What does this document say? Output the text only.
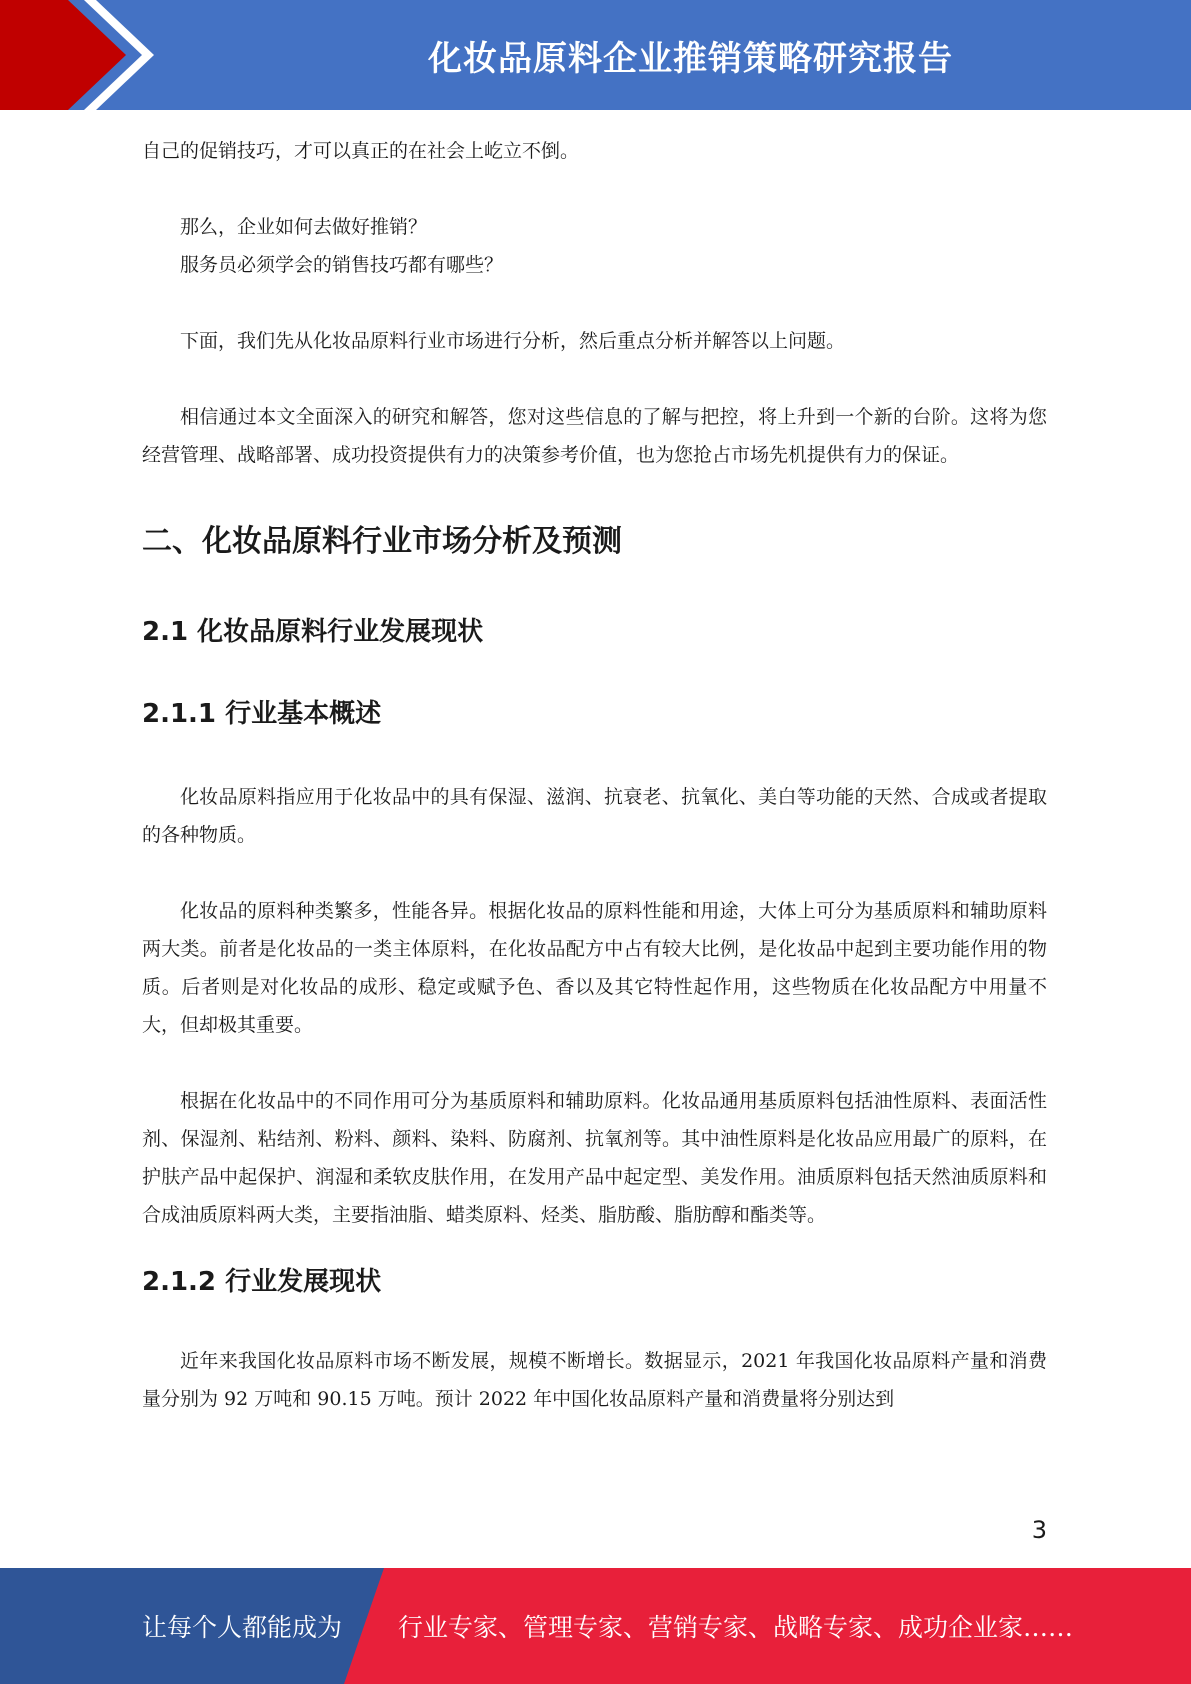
化妆品原料企业推销策略研究报告

自己的促销技巧，才可以真正的在社会上屹立不倒。

那么，企业如何去做好推销？

服务员必须学会的销售技巧都有哪些？

下面，我们先从化妆品原料行业市场进行分析，然后重点分析并解答以上问题。

相信通过本文全面深入的研究和解答，您对这些信息的了解与把控，将上升到一个新的台阶。这将为您经营管理、战略部署、成功投资提供有力的决策参考价值，也为您抢占市场先机提供有力的保证。

二、化妆品原料行业市场分析及预测
2.1 化妆品原料行业发展现状
2.1.1 行业基本概述

化妆品原料指应用于化妆品中的具有保湿、滋润、抗衰老、抗氧化、美白等功能的天然、合成或者提取的各种物质。

化妆品的原料种类繁多，性能各异。根据化妆品的原料性能和用途，大体上可分为基质原料和辅助原料两大类。前者是化妆品的一类主体原料，在化妆品配方中占有较大比例，是化妆品中起到主要功能作用的物质。后者则是对化妆品的成形、稳定或赋予色、香以及其它特性起作用，这些物质在化妆品配方中用量不大，但却极其重要。

根据在化妆品中的不同作用可分为基质原料和辅助原料。化妆品通用基质原料包括油性原料、表面活性剂、保湿剂、粘结剂、粉料、颜料、染料、防腐剂、抗氧剂等。其中油性原料是化妆品应用最广的原料，在护肤产品中起保护、润湿和柔软皮肤作用，在发用产品中起定型、美发作用。油质原料包括天然油质原料和合成油质原料两大类，主要指油脂、蜡类原料、烃类、脂肪酸、脂肪醇和酯类等。

2.1.2 行业发展现状

近年来我国化妆品原料市场不断发展，规模不断增长。数据显示，2021 年我国化妆品原料产量和消费量分别为 92 万吨和 90.15 万吨。预计 2022 年中国化妆品原料产量和消费量将分别达到

3
让每个人都能成为 行业专家、管理专家、营销专家、战略专家、成功企业家……
